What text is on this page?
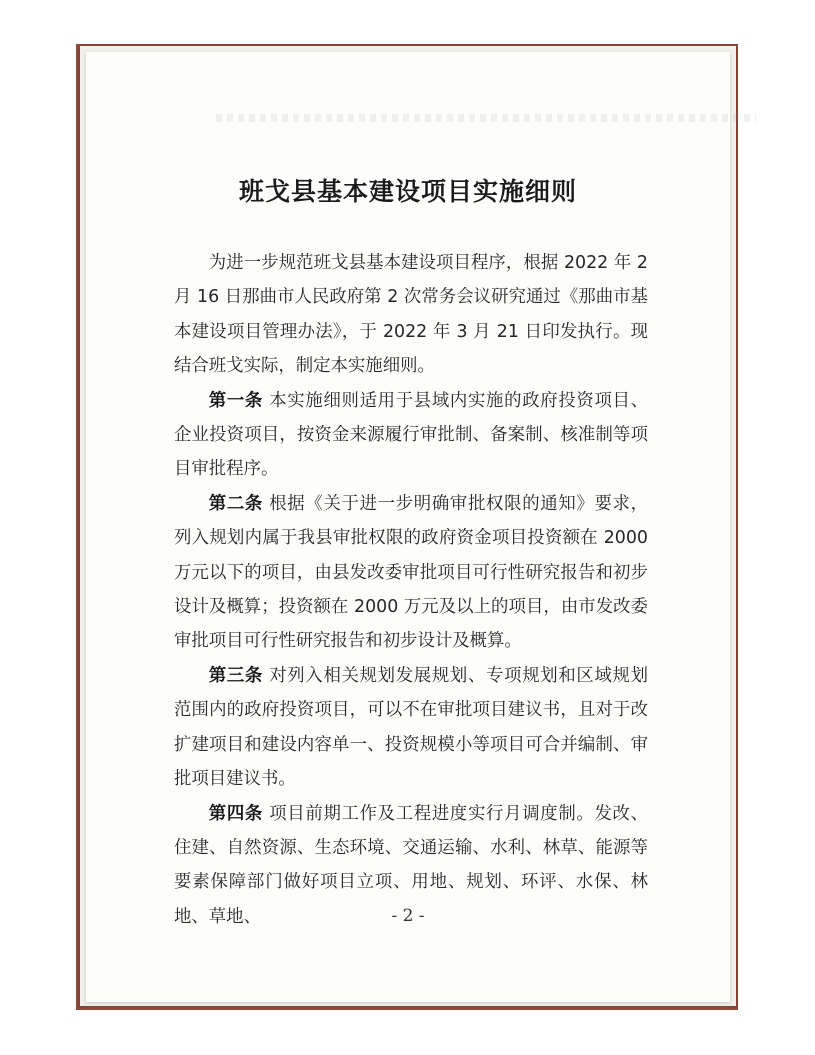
班戈县基本建设项目实施细则

为进一步规范班戈县基本建设项目程序，根据 2022 年 2 月 16 日那曲市人民政府第 2 次常务会议研究通过《那曲市基本建设项目管理办法》，于 2022 年 3 月 21 日印发执行。现结合班戈实际，制定本实施细则。

第一条 本实施细则适用于县域内实施的政府投资项目、企业投资项目，按资金来源履行审批制、备案制、核准制等项目审批程序。

第二条 根据《关于进一步明确审批权限的通知》要求，列入规划内属于我县审批权限的政府资金项目投资额在 2000 万元以下的项目，由县发改委审批项目可行性研究报告和初步设计及概算；投资额在 2000 万元及以上的项目，由市发改委审批项目可行性研究报告和初步设计及概算。

第三条 对列入相关规划发展规划、专项规划和区域规划范围内的政府投资项目，可以不在审批项目建议书，且对于改扩建项目和建设内容单一、投资规模小等项目可合并编制、审批项目建议书。

第四条 项目前期工作及工程进度实行月调度制。发改、住建、自然资源、生态环境、交通运输、水利、林草、能源等要素保障部门做好项目立项、用地、规划、环评、水保、林地、草地、	- 2 -
